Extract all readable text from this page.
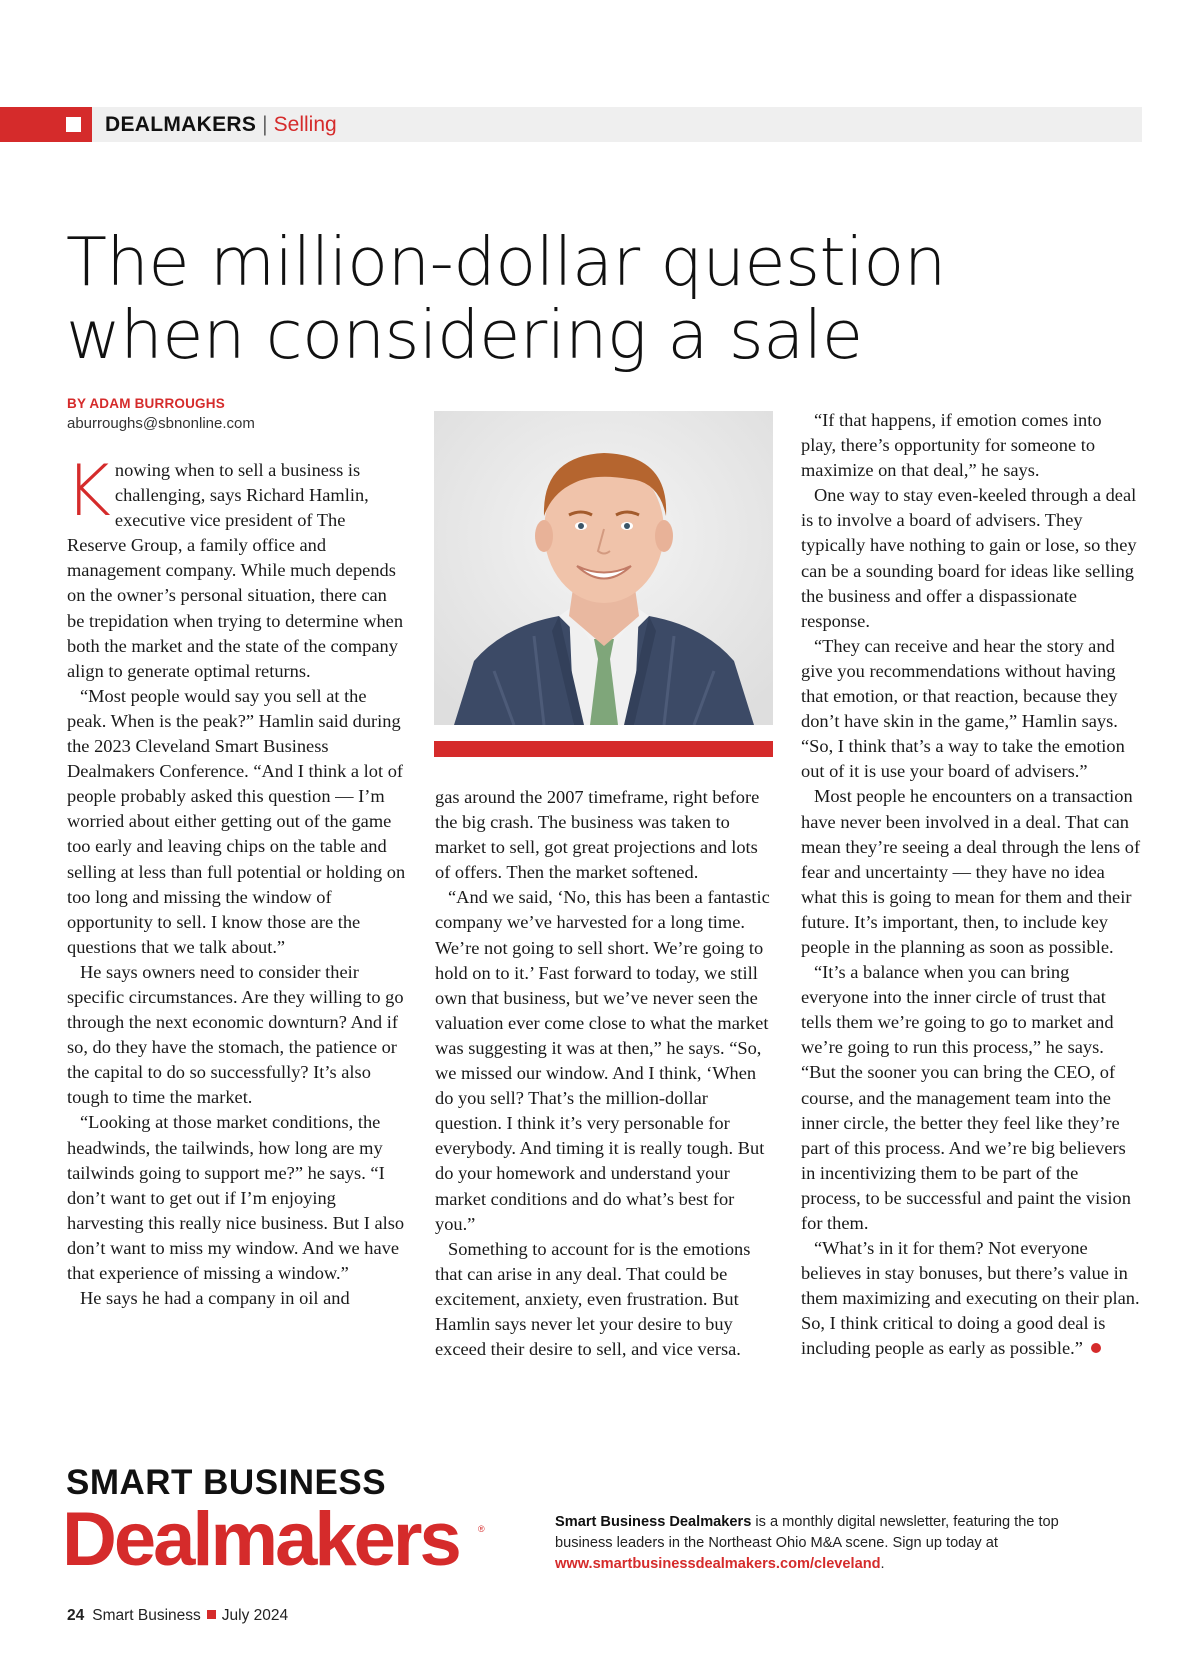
DEALMAKERS | Selling
The million-dollar question
when considering a sale
BY ADAM BURROUGHS
aburroughs@sbnonline.com

Knowing when to sell a business is challenging, says Richard Hamlin, executive vice president of The Reserve Group, a family office and management company. While much depends on the owner’s personal situation, there can be trepidation when trying to determine when both the market and the state of the company align to generate optimal returns.

“Most people would say you sell at the peak. When is the peak?” Hamlin said during the 2023 Cleveland Smart Business Dealmakers Conference. “And I think a lot of people probably asked this question — I’m worried about either getting out of the game too early and leaving chips on the table and selling at less than full potential or holding on too long and missing the window of opportunity to sell. I know those are the questions that we talk about.”

He says owners need to consider their specific circumstances. Are they willing to go through the next economic downturn? And if so, do they have the stomach, the patience or the capital to do so successfully? It’s also tough to time the market.

“Looking at those market conditions, the headwinds, the tailwinds, how long are my tailwinds going to support me?” he says. “I don’t want to get out if I’m enjoying harvesting this really nice business. But I also don’t want to miss my window. And we have that experience of missing a window.”

He says he had a company in oil and

gas around the 2007 timeframe, right before the big crash. The business was taken to market to sell, got great projections and lots of offers. Then the market softened.

“And we said, ‘No, this has been a fantastic company we’ve harvested for a long time. We’re not going to sell short. We’re going to hold on to it.’ Fast forward to today, we still own that business, but we’ve never seen the valuation ever come close to what the market was suggesting it was at then,” he says. “So, we missed our window. And I think, ‘When do you sell? That’s the million-dollar question. I think it’s very personable for everybody. And timing it is really tough. But do your homework and understand your market conditions and do what’s best for you.”

Something to account for is the emotions that can arise in any deal. That could be excitement, anxiety, even frustration. But Hamlin says never let your desire to buy exceed their desire to sell, and vice versa.

“If that happens, if emotion comes into play, there’s opportunity for someone to maximize on that deal,” he says.

One way to stay even-keeled through a deal is to involve a board of advisers. They typically have nothing to gain or lose, so they can be a sounding board for ideas like selling the business and offer a dispassionate response.

“They can receive and hear the story and give you recommendations without having that emotion, or that reaction, because they don’t have skin in the game,” Hamlin says. “So, I think that’s a way to take the emotion out of it is use your board of advisers.”

Most people he encounters on a transaction have never been involved in a deal. That can mean they’re seeing a deal through the lens of fear and uncertainty — they have no idea what this is going to mean for them and their future. It’s important, then, to include key people in the planning as soon as possible.

“It’s a balance when you can bring everyone into the inner circle of trust that tells them we’re going to go to market and we’re going to run this process,” he says. “But the sooner you can bring the CEO, of course, and the management team into the inner circle, the better they feel like they’re part of this process. And we’re big believers in incentivizing them to be part of the process, to be successful and paint the vision for them.

“What’s in it for them? Not everyone believes in stay bonuses, but there’s value in them maximizing and executing on their plan. So, I think critical to doing a good deal is including people as early as possible.”

SMART BUSINESS
Dealmakers ®	Smart Business Dealmakers is a monthly digital newsletter, featuring the top business leaders in the Northeast Ohio M&A scene. Sign up today at www.smartbusinessdealmakers.com/cleveland.
24 Smart Business July 2024
